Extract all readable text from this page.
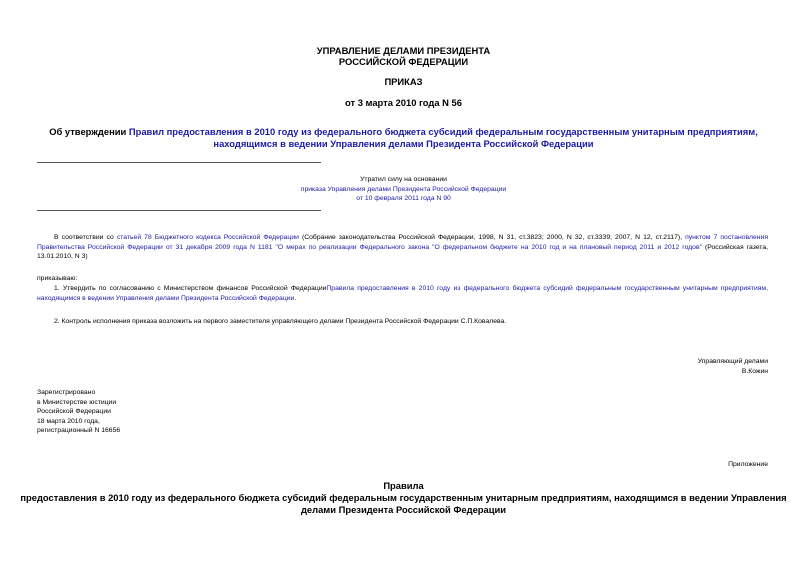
УПРАВЛЕНИЕ ДЕЛАМИ ПРЕЗИДЕНТА
РОССИЙСКОЙ ФЕДЕРАЦИИ
ПРИКАЗ
от 3 марта 2010 года N 56
Об утверждении Правил предоставления в 2010 году из федерального бюджета субсидий федеральным государственным унитарным предприятиям,
находящимся в ведении Управления делами Президента Российской Федерации
Утратил силу на основании
приказа Управления делами Президента Российской Федерации
от 10 февраля 2011 года N 90
В соответствии со статьей 78 Бюджетного кодекса Российской Федерации (Собрание законодательства Российской Федерации, 1998, N 31, ст.3823; 2000, N 32, ст.3339; 2007, N 12, ст.2117), пунктом 7 постановления Правительства Российской Федерации от 31 декабря 2009 года N 1181 "О мерах по реализации Федерального закона "О федеральном бюджете на 2010 год и на плановый период 2011 и 2012 годов" (Российская газета, 13.01.2010, N 3)
приказываю:
1. Утвердить по согласованию с Министерством финансов Российской ФедерацииПравила предоставления в 2010 году из федерального бюджета субсидий федеральным государственным унитарным предприятиям, находящимся в ведении Управления делами Президента Российской Федерации.
2. Контроль исполнения приказа возложить на первого заместителя управляющего делами Президента Российской Федерации С.П.Ковалева.
Управляющий делами
В.Кожин
Зарегистрировано
в Министерстве юстиции
Российской Федерации
18 марта 2010 года,
регистрационный N 16656
Приложение
Правила
предоставления в 2010 году из федерального бюджета субсидий федеральным государственным унитарным предприятиям, находящимся в ведении Управления
делами Президента Российской Федерации
